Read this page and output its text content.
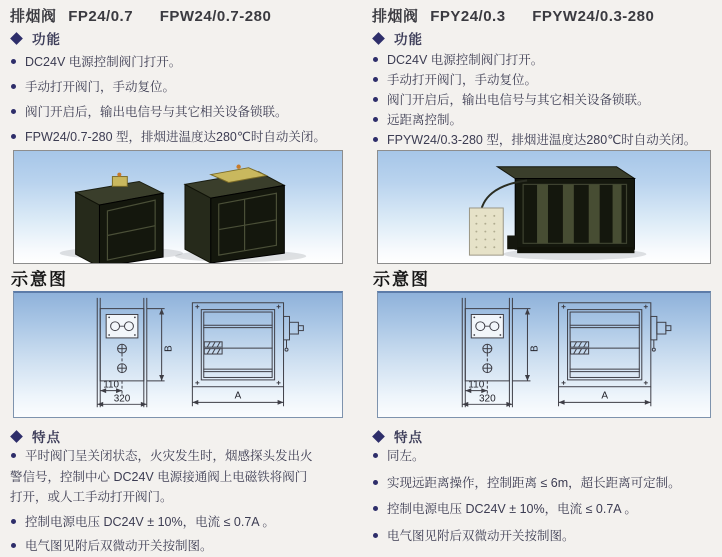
排烟阀 FP24/0.7 FPW24/0.7-280
功能
DC24V 电源控制阀门打开。
手动打开阀门，手动复位。
阀门开启后，输出电信号与其它相关设备锁联。
FPW24/0.7-280 型，排烟进温度达280℃时自动关闭。
示意图
110
320
B
A
特点
平时阀门呈关闭状态，火灾发生时，烟感探头发出火警信号，控制中心 DC24V 电源接通阀上电磁铁将阀门打开，或人工手动打开阀门。
控制电源电压 DC24V ± 10%，电流 ≤ 0.7A 。
电气图见附后双微动开关按制图。
排烟阀 FPY24/0.3 FPYW24/0.3-280
功能
DC24V 电源控制阀门打开。
手动打开阀门，手动复位。
阀门开启后，输出电信号与其它相关设备锁联。
远距离控制。
FPYW24/0.3-280 型，排烟进温度达280℃时自动关闭。
示意图
110
320
B
A
特点
同左。
实现远距离操作，控制距离 ≤ 6m，超长距离可定制。
控制电源电压 DC24V ± 10%，电流 ≤ 0.7A 。
电气图见附后双微动开关按制图。
